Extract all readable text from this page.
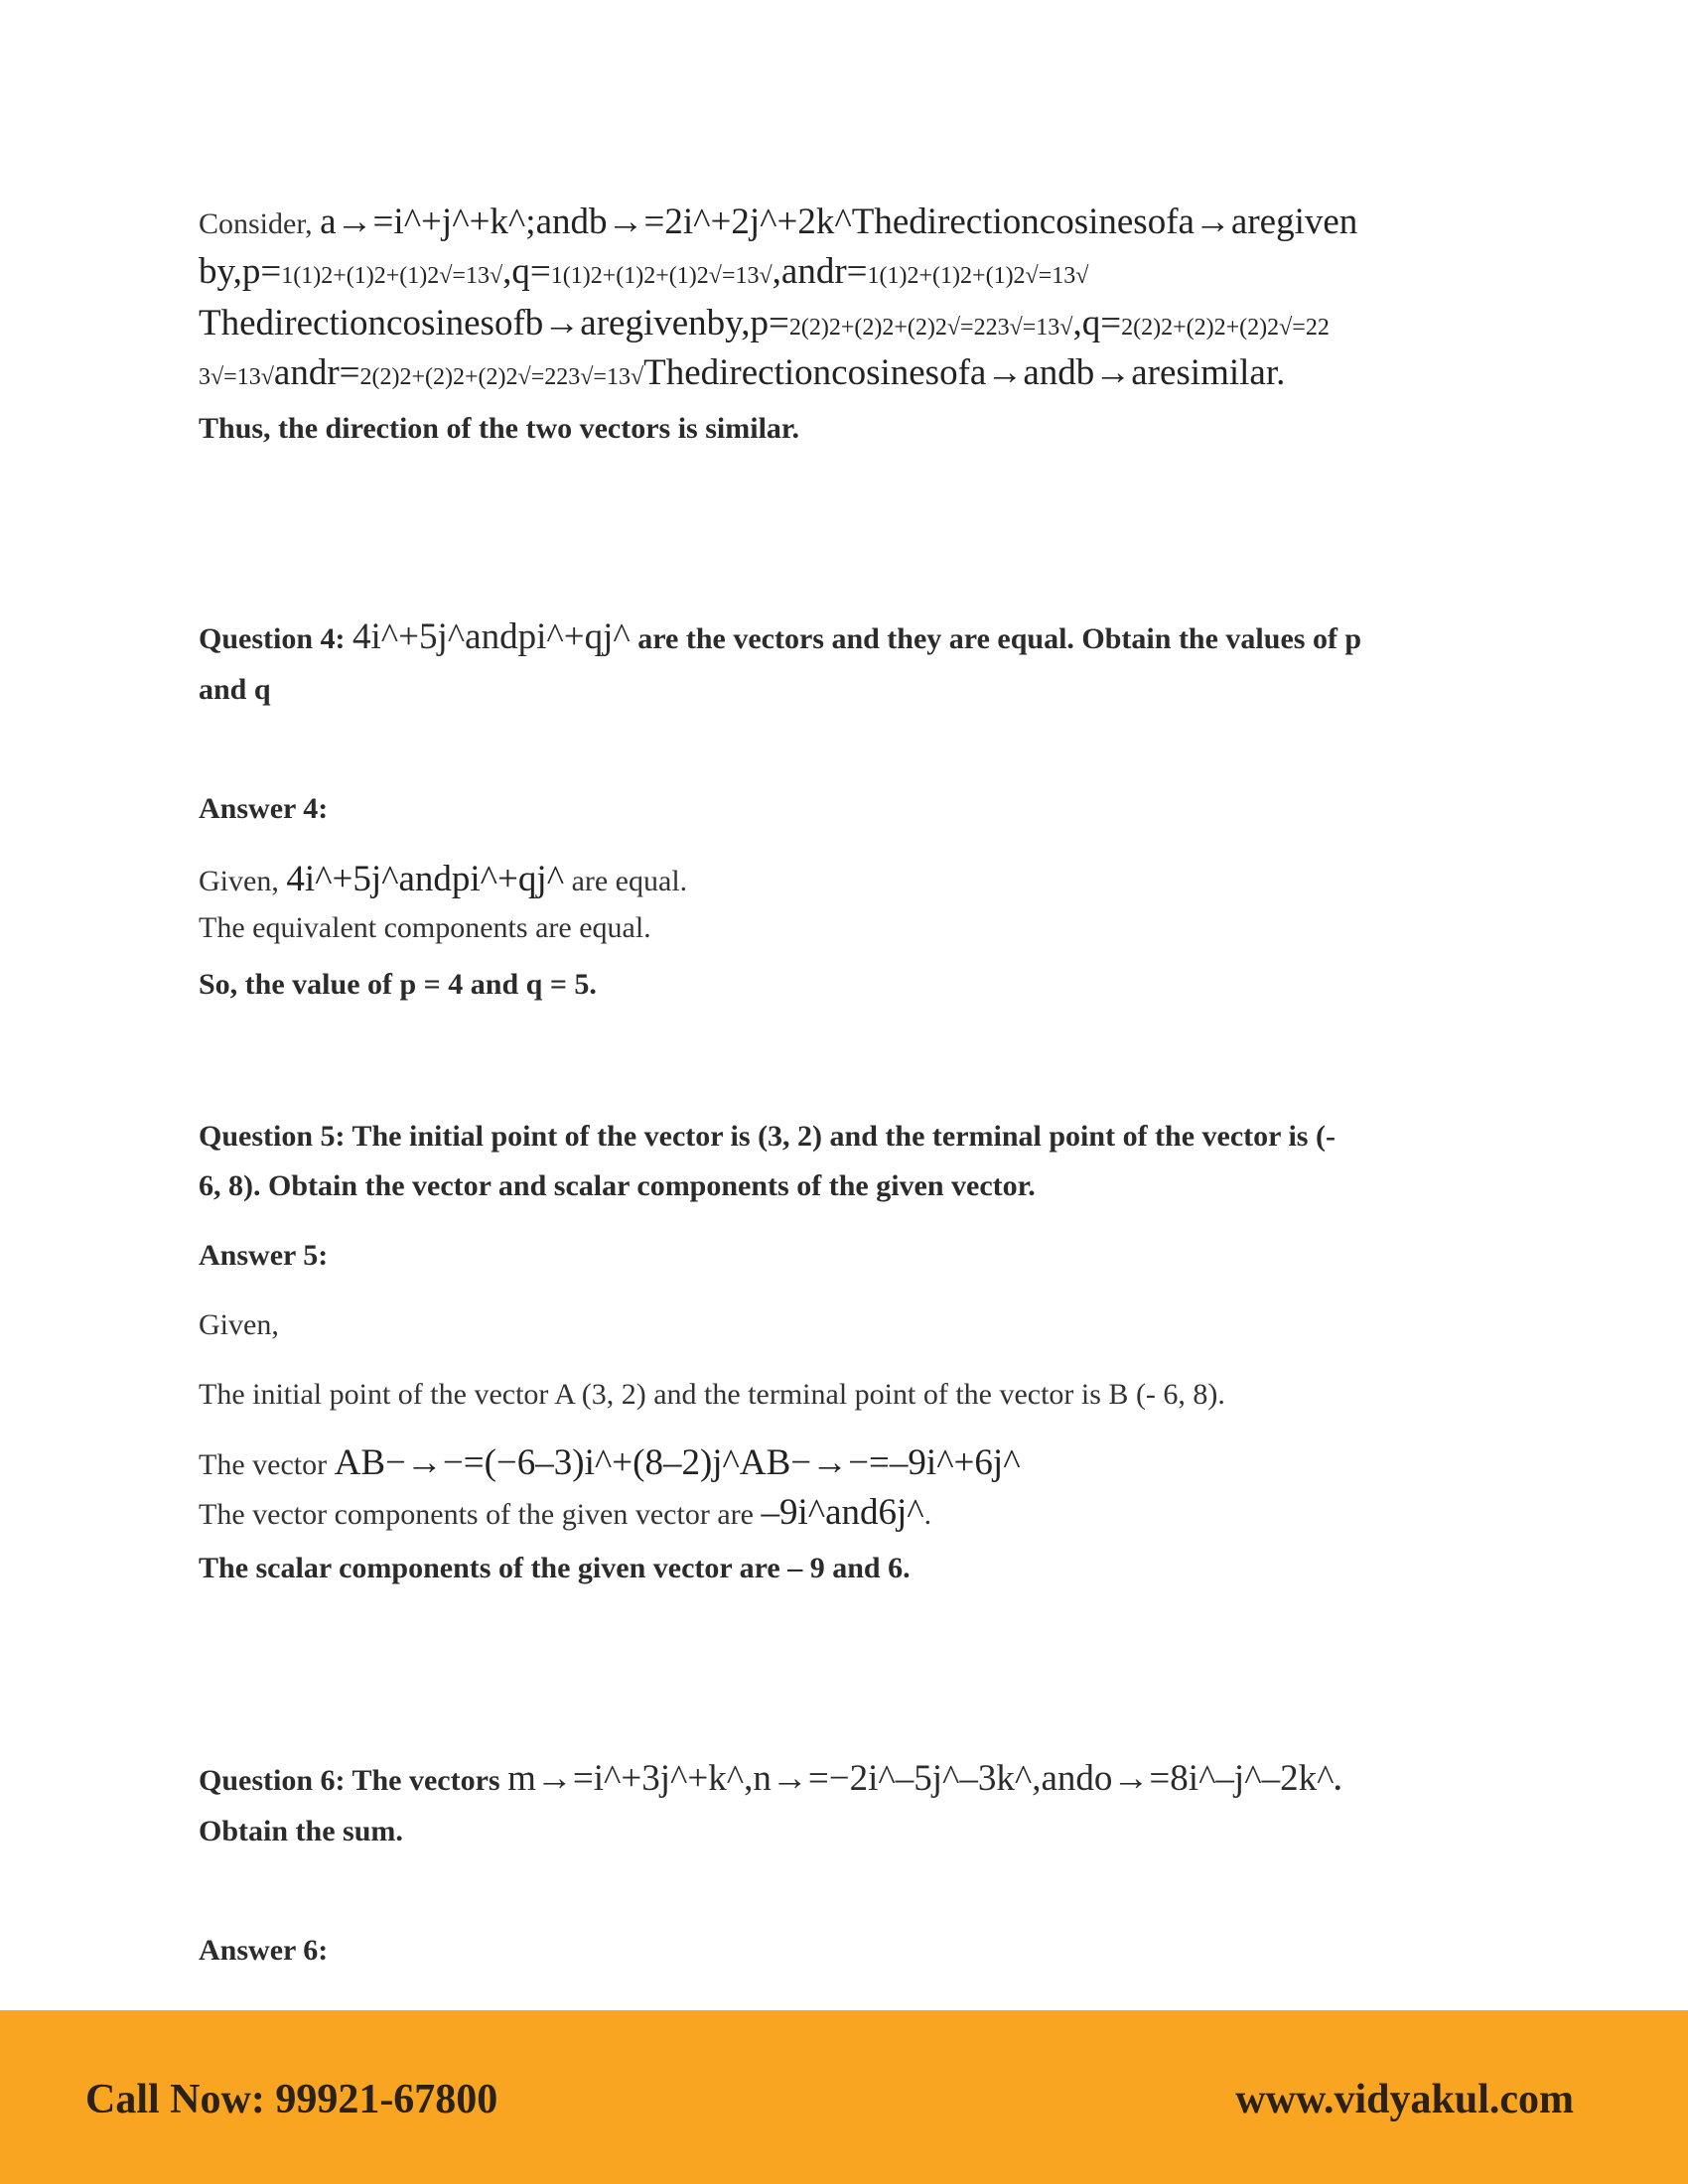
Consider, a→=i^+j^+k^;andb→=2i^+2j^+2k^Thedirectioncosinesofa→aregiven
by,p=1(1)2+(1)2+(1)2√=13√,q=1(1)2+(1)2+(1)2√=13√,andr=1(1)2+(1)2+(1)2√=13√
Thedirectioncosinesofb→aregivenby,p=2(2)2+(2)2+(2)2√=223√=13√,q=2(2)2+(2)2+(2)2√=22
3√=13√andr=2(2)2+(2)2+(2)2√=223√=13√Thedirectioncosinesofa→andb→aresimilar.
Thus, the direction of the two vectors is similar.
Question 4: 4i^+5j^andpi^+qj^ are the vectors and they are equal. Obtain the values of p
and q
Answer 4:
Given, 4i^+5j^andpi^+qj^ are equal.
The equivalent components are equal.
So, the value of p = 4 and q = 5.
Question 5: The initial point of the vector is (3, 2) and the terminal point of the vector is (-
6, 8). Obtain the vector and scalar components of the given vector.
Answer 5:
Given,
The initial point of the vector A (3, 2) and the terminal point of the vector is B (- 6, 8).
The vector AB−→−=(−6–3)i^+(8–2)j^AB−→−=–9i^+6j^
The vector components of the given vector are –9i^and6j^.
The scalar components of the given vector are – 9 and 6.
Question 6: The vectors m→=i^+3j^+k^,n→=−2i^–5j^–3k^,ando→=8i^–j^–2k^.
Obtain the sum.
Answer 6:
Call Now: 99921-67800	www.vidyakul.com
